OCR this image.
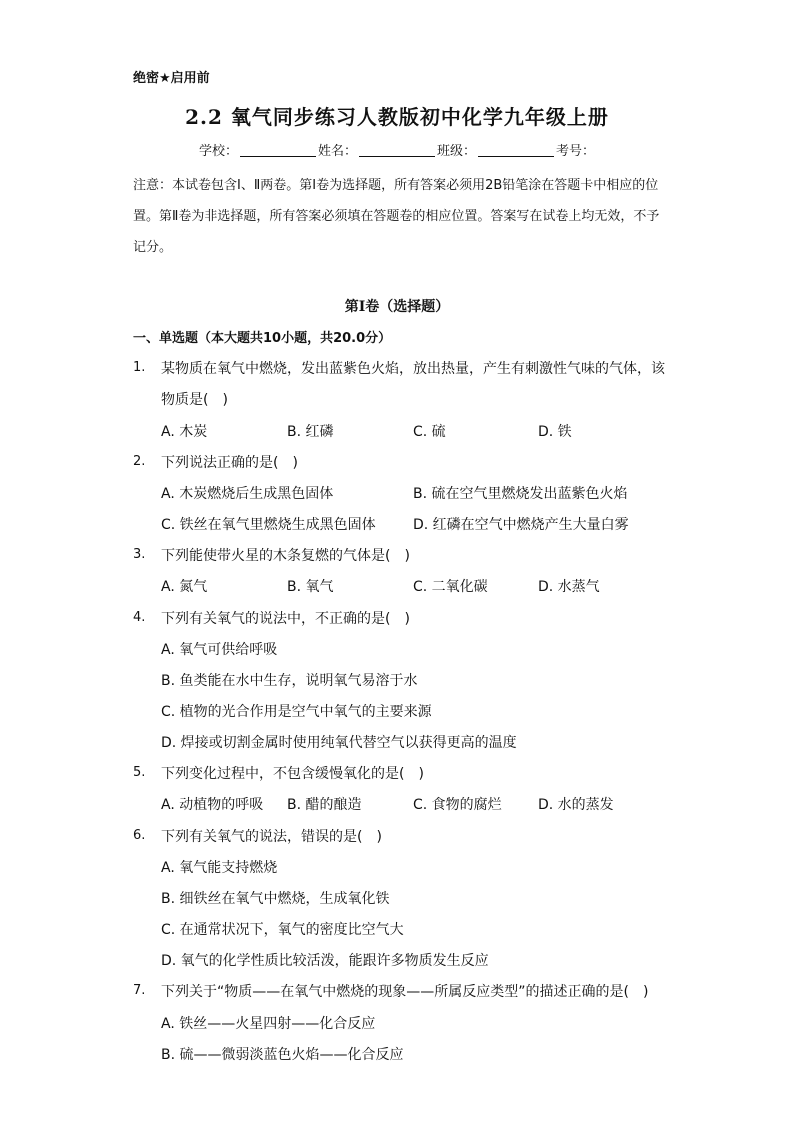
绝密★启用前
2.2 氧气同步练习人教版初中化学九年级上册
学校：	姓名：	班级：	考号：
注意：本试卷包含Ⅰ、Ⅱ两卷。第Ⅰ卷为选择题，所有答案必须用2B铅笔涂在答题卡中相应的位置。第Ⅱ卷为非选择题，所有答案必须填在答题卷的相应位置。答案写在试卷上均无效，不予记分。
第Ⅰ卷（选择题）
一、单选题（本大题共10小题，共20.0分）
1. 某物质在氧气中燃烧，发出蓝紫色火焰，放出热量，产生有刺激性气味的气体，该
物质是(　)
A. 木炭	B. 红磷	C. 硫	D. 铁
2. 下列说法正确的是(　)
A. 木炭燃烧后生成黑色固体	B. 硫在空气里燃烧发出蓝紫色火焰
C. 铁丝在氧气里燃烧生成黑色固体	D. 红磷在空气中燃烧产生大量白雾
3. 下列能使带火星的木条复燃的气体是(　)
A. 氮气	B. 氧气	C. 二氧化碳	D. 水蒸气
4. 下列有关氧气的说法中，不正确的是(　)
A. 氧气可供给呼吸
B. 鱼类能在水中生存，说明氧气易溶于水
C. 植物的光合作用是空气中氧气的主要来源
D. 焊接或切割金属时使用纯氧代替空气以获得更高的温度
5. 下列变化过程中，不包含缓慢氧化的是(　)
A. 动植物的呼吸 B. 醋的酿造	C. 食物的腐烂	D. 水的蒸发
6. 下列有关氧气的说法，错误的是(　)
A. 氧气能支持燃烧
B. 细铁丝在氧气中燃烧，生成氧化铁
C. 在通常状况下，氧气的密度比空气大
D. 氧气的化学性质比较活泼，能跟许多物质发生反应
7. 下列关于“物质——在氧气中燃烧的现象——所属反应类型”的描述正确的是(　)
A. 铁丝——火星四射——化合反应
B. 硫——微弱淡蓝色火焰——化合反应
